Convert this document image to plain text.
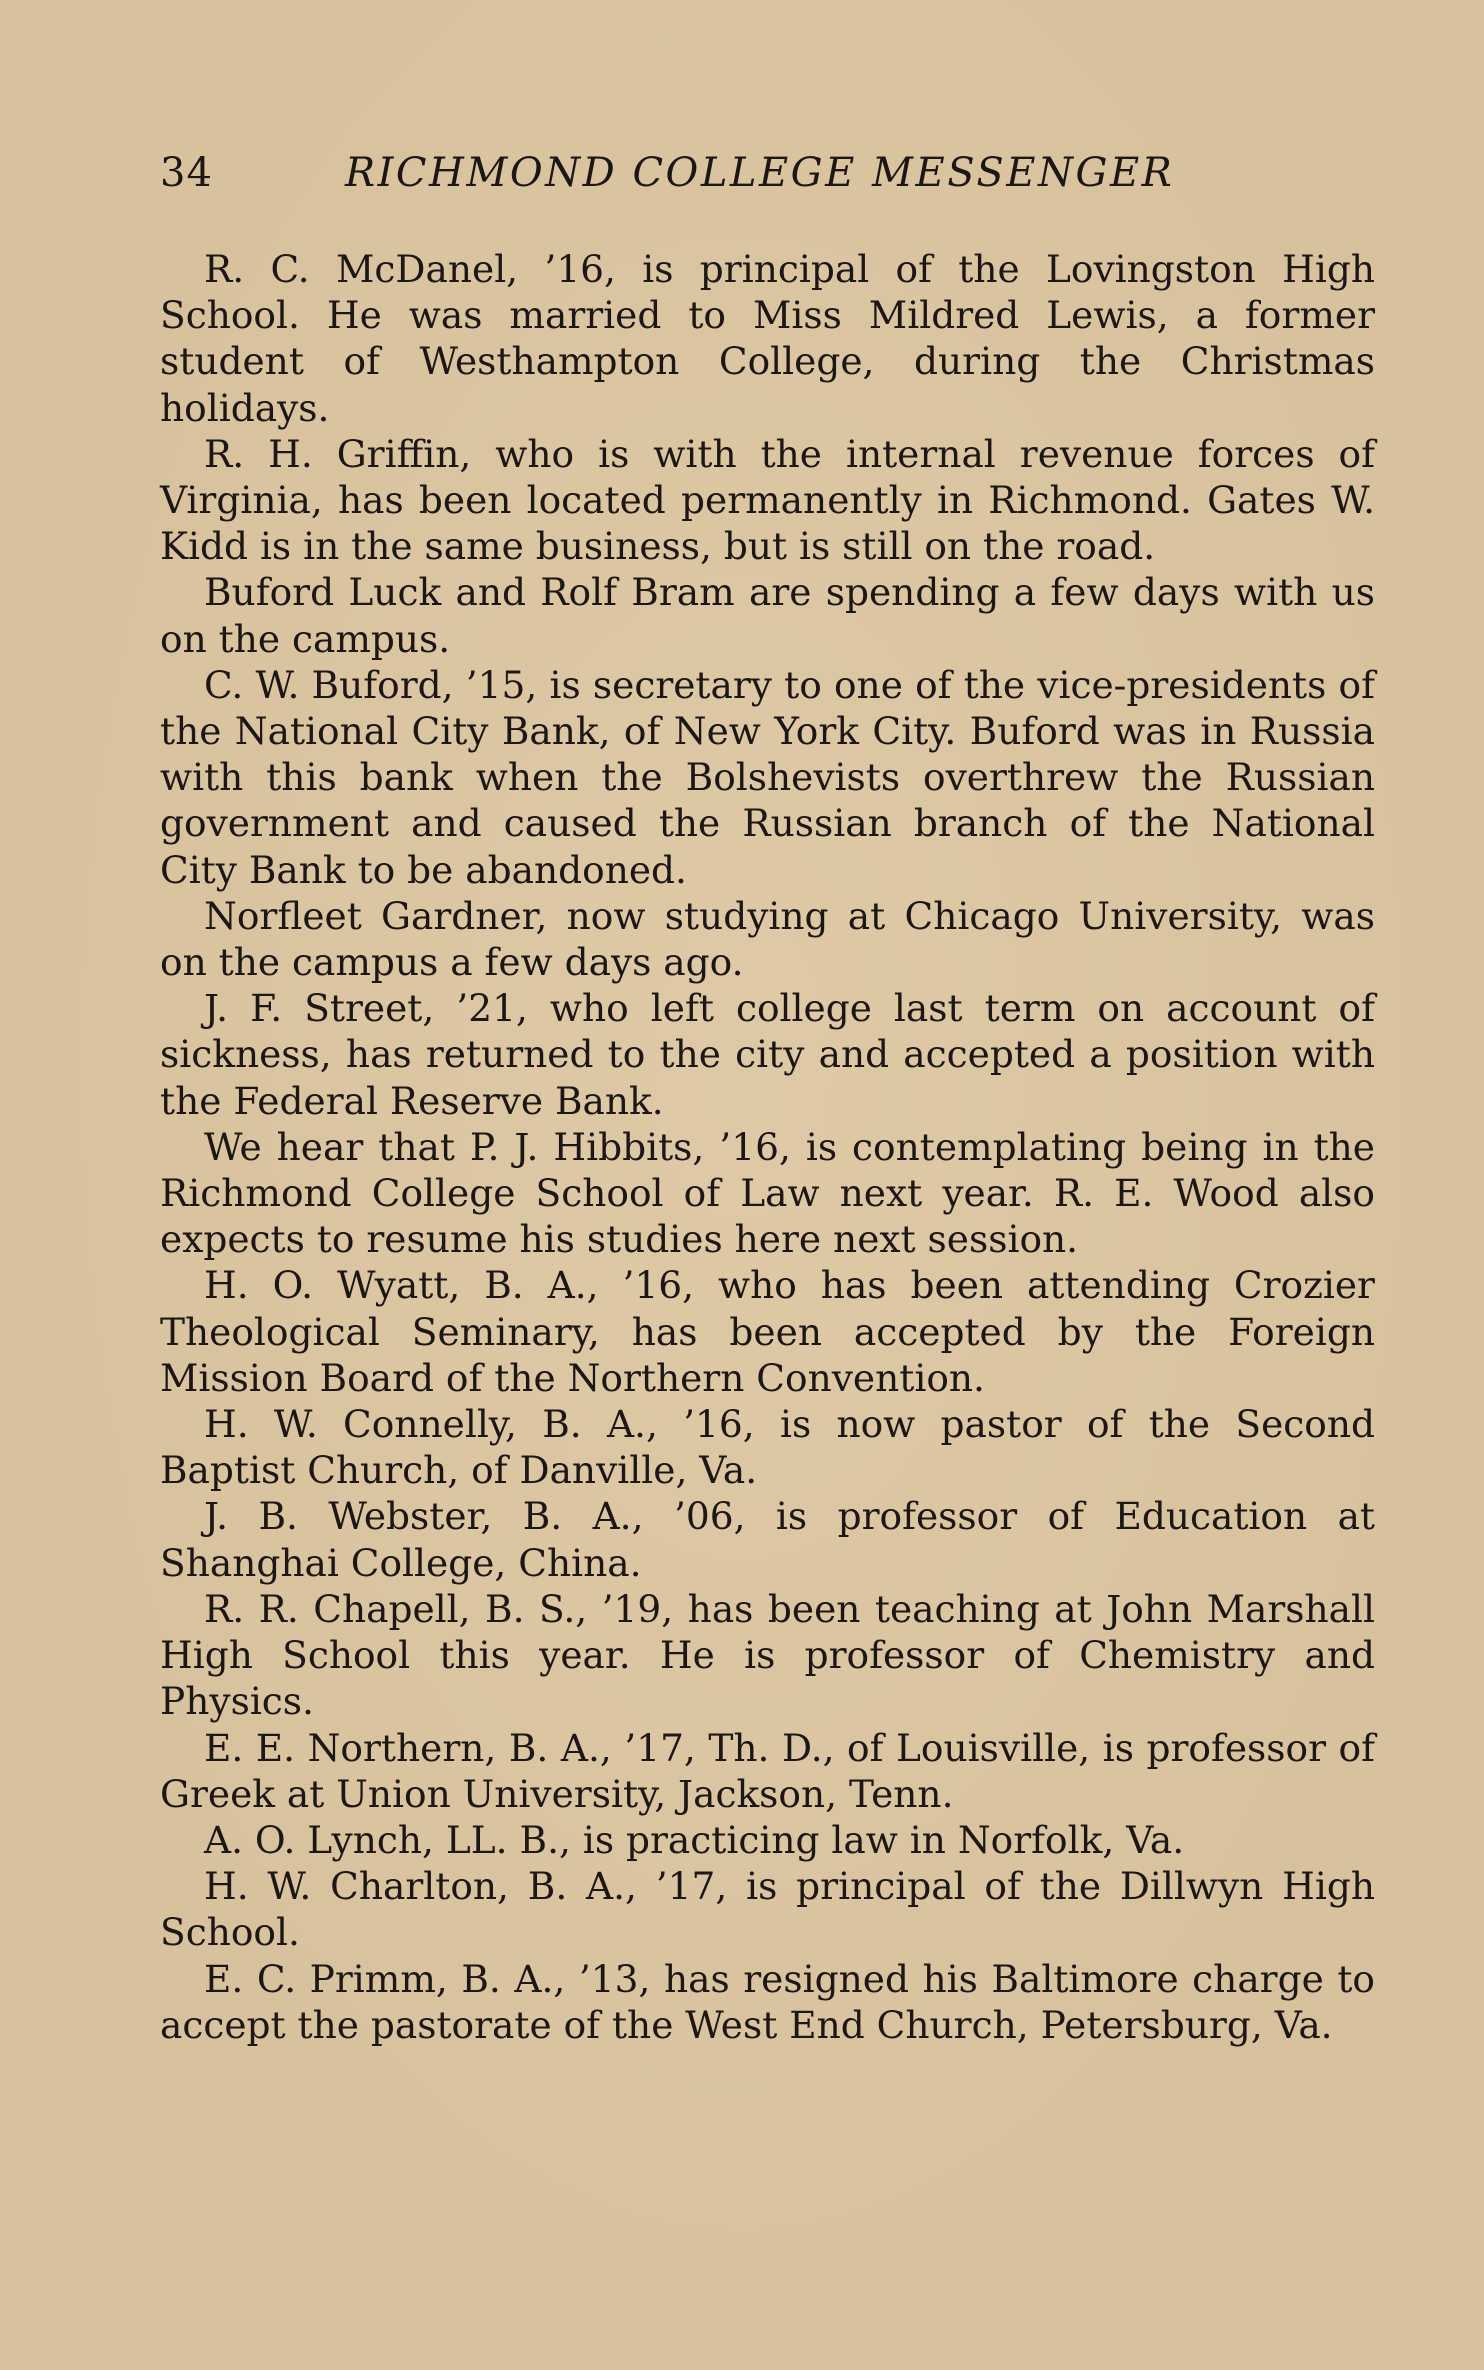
34	RICHMOND COLLEGE MESSENGER

R. C. McDanel, ’16, is principal of the Lovingston High School. He was married to Miss Mildred Lewis, a former student of Westhampton College, during the Christmas holidays.

R. H. Griffin, who is with the internal revenue forces of Virginia, has been located permanently in Richmond. Gates W. Kidd is in the same business, but is still on the road.

Buford Luck and Rolf Bram are spending a few days with us on the campus.

C. W. Buford, ’15, is secretary to one of the vice-presidents of the National City Bank, of New York City. Buford was in Russia with this bank when the Bolshevists overthrew the Russian government and caused the Russian branch of the National City Bank to be abandoned.

Norfleet Gardner, now studying at Chicago University, was on the campus a few days ago.

J. F. Street, ’21, who left college last term on account of sickness, has returned to the city and accepted a position with the Federal Reserve Bank.

We hear that P. J. Hibbits, ’16, is contemplating being in the Richmond College School of Law next year. R. E. Wood also expects to resume his studies here next session.

H. O. Wyatt, B. A., ’16, who has been attending Crozier Theological Seminary, has been accepted by the Foreign Mission Board of the Northern Convention.

H. W. Connelly, B. A., ’16, is now pastor of the Second Baptist Church, of Danville, Va.

J. B. Webster, B. A., ’06, is professor of Education at Shanghai College, China.

R. R. Chapell, B. S., ’19, has been teaching at John Marshall High School this year. He is professor of Chemistry and Physics.

E. E. Northern, B. A., ’17, Th. D., of Louisville, is professor of Greek at Union University, Jackson, Tenn.

A. O. Lynch, LL. B., is practicing law in Norfolk, Va.

H. W. Charlton, B. A., ’17, is principal of the Dillwyn High School.

E. C. Primm, B. A., ’13, has resigned his Baltimore charge to accept the pastorate of the West End Church, Petersburg, Va.
